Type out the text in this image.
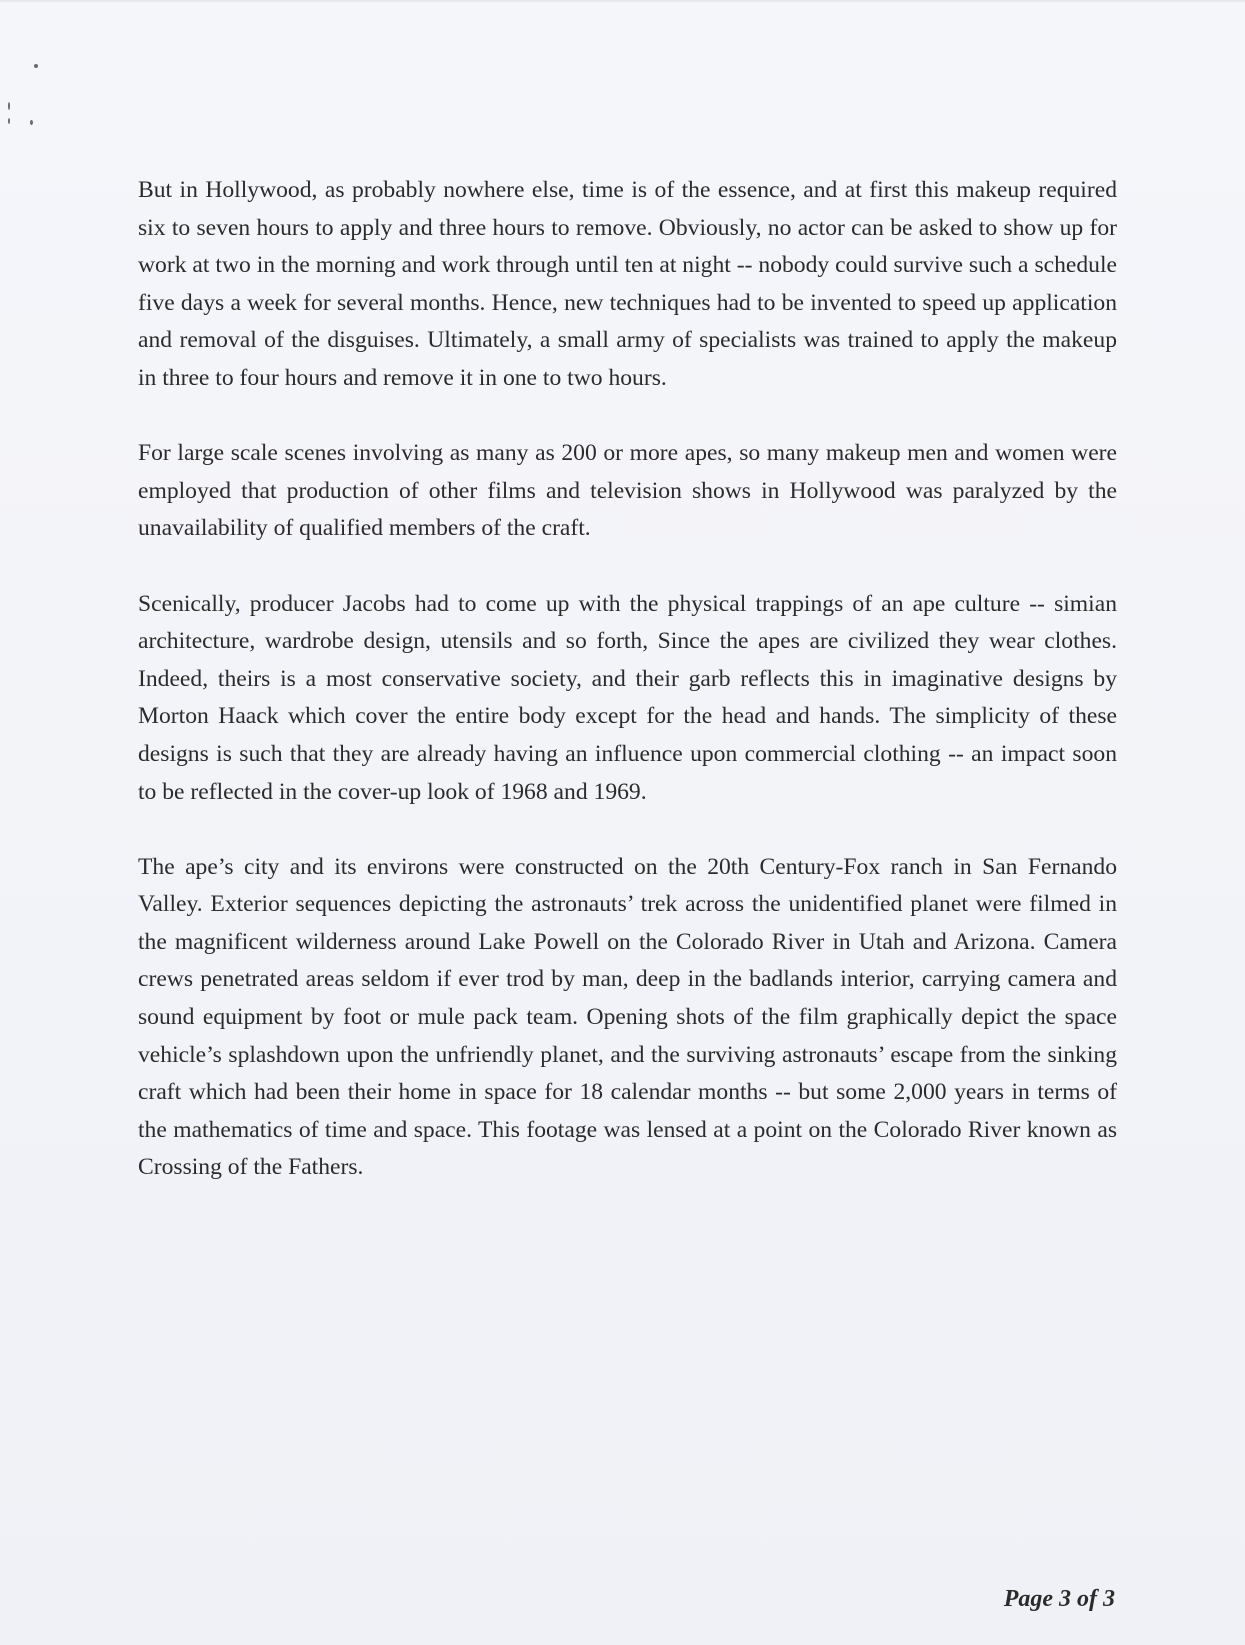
But in Hollywood, as probably nowhere else, time is of the essence, and at first this makeup required six to seven hours to apply and three hours to remove. Obviously, no actor can be asked to show up for work at two in the morning and work through until ten at night -- nobody could survive such a schedule five days a week for several months. Hence, new techniques had to be invented to speed up application and removal of the disguises. Ultimately, a small army of specialists was trained to apply the makeup in three to four hours and remove it in one to two hours.

For large scale scenes involving as many as 200 or more apes, so many makeup men and women were employed that production of other films and television shows in Hollywood was paralyzed by the unavailability of qualified members of the craft.

Scenically, producer Jacobs had to come up with the physical trappings of an ape culture -- simian architecture, wardrobe design, utensils and so forth, Since the apes are civilized they wear clothes. Indeed, theirs is a most conservative society, and their garb reflects this in imaginative designs by Morton Haack which cover the entire body except for the head and hands. The simplicity of these designs is such that they are already having an influence upon commercial clothing -- an impact soon to be reflected in the cover-up look of 1968 and 1969.

The ape’s city and its environs were constructed on the 20th Century-Fox ranch in San Fernando Valley. Exterior sequences depicting the astronauts’ trek across the unidentified planet were filmed in the magnificent wilderness around Lake Powell on the Colorado River in Utah and Arizona. Camera crews penetrated areas seldom if ever trod by man, deep in the badlands interior, carrying camera and sound equipment by foot or mule pack team. Opening shots of the film graphically depict the space vehicle’s splashdown upon the unfriendly planet, and the surviving astronauts’ escape from the sinking craft which had been their home in space for 18 calendar months -- but some 2,000 years in terms of the mathematics of time and space. This footage was lensed at a point on the Colorado River known as Crossing of the Fathers.

Page 3 of 3
